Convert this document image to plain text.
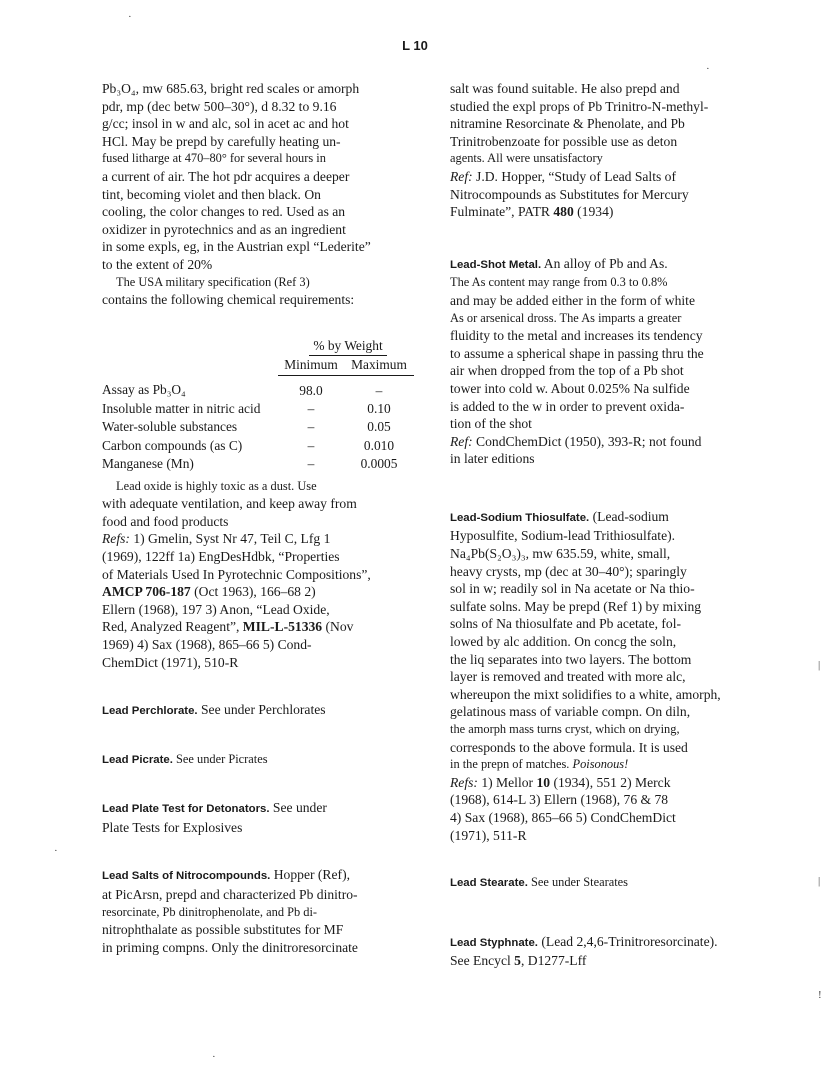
L 10
Pb₃O₄, mw 685.63, bright red scales or amorph
pdr, mp (dec betw 500–30°), d 8.32 to 9.16
g/cc; insol in w and alc, sol in acet ac and hot
HCl. May be prepd by carefully heating un-
fused litharge at 470–80° for several hours in
a current of air. The hot pdr acquires a deeper
tint, becoming violet and then black. On
cooling, the color changes to red. Used as an
oxidizer in pyrotechnics and as an ingredient
in some expls, eg, in the Austrian expl “Lederite”
to the extent of 20%
The USA military specification (Ref 3)
contains the following chemical requirements:
% by Weight		
	Minimum	Maximum
Assay as Pb₃O₄	98.0	–
Insoluble matter in nitric acid	–	0.10
Water-soluble substances	–	0.05
Carbon compounds (as C)	–	0.010
Manganese (Mn)	–	0.0005
Lead oxide is highly toxic as a dust. Use
with adequate ventilation, and keep away from
food and food products
Refs: 1) Gmelin, Syst Nr 47, Teil C, Lfg 1
(1969), 122ff 1a) EngDesHdbk, “Properties
of Materials Used In Pyrotechnic Compositions”,
AMCP 706-187 (Oct 1963), 166–68 2)
Ellern (1968), 197 3) Anon, “Lead Oxide,
Red, Analyzed Reagent”, MIL-L-51336 (Nov
1969) 4) Sax (1968), 865–66 5) Cond-
ChemDict (1971), 510-R
Lead Perchlorate. See under Perchlorates
Lead Picrate. See under Picrates
Lead Plate Test for Detonators. See under
Plate Tests for Explosives
Lead Salts of Nitrocompounds. Hopper (Ref),
at PicArsn, prepd and characterized Pb dinitro-
resorcinate, Pb dinitrophenolate, and Pb di-
nitrophthalate as possible substitutes for MF
in priming compns. Only the dinitroresorcinate
salt was found suitable. He also prepd and
studied the expl props of Pb Trinitro-N-methyl-
nitramine Resorcinate & Phenolate, and Pb
Trinitrobenzoate for possible use as deton
agents. All were unsatisfactory
Ref: J.D. Hopper, “Study of Lead Salts of
Nitrocompounds as Substitutes for Mercury
Fulminate”, PATR 480 (1934)
Lead-Shot Metal. An alloy of Pb and As.
The As content may range from 0.3 to 0.8%
and may be added either in the form of white
As or arsenical dross. The As imparts a greater
fluidity to the metal and increases its tendency
to assume a spherical shape in passing thru the
air when dropped from the top of a Pb shot
tower into cold w. About 0.025% Na sulfide
is added to the w in order to prevent oxida-
tion of the shot
Ref: CondChemDict (1950), 393-R; not found
in later editions
Lead-Sodium Thiosulfate. (Lead-sodium
Hyposulfite, Sodium-lead Trithiosulfate).
Na₄Pb(S₂O₃)₃, mw 635.59, white, small,
heavy crysts, mp (dec at 30–40°); sparingly
sol in w; readily sol in Na acetate or Na thio-
sulfate solns. May be prepd (Ref 1) by mixing
solns of Na thiosulfate and Pb acetate, fol-
lowed by alc addition. On concg the soln,
the liq separates into two layers. The bottom
layer is removed and treated with more alc,
whereupon the mixt solidifies to a white, amorph,
gelatinous mass of variable compn. On diln,
the amorph mass turns cryst, which on drying,
corresponds to the above formula. It is used
in the prepn of matches. Poisonous!
Refs: 1) Mellor 10 (1934), 551 2) Merck
(1968), 614-L 3) Ellern (1968), 76 & 78
4) Sax (1968), 865–66 5) CondChemDict
(1971), 511-R
Lead Stearate. See under Stearates
Lead Styphnate. (Lead 2,4,6-Trinitroresorcinate).
See Encycl 5, D1277-Lff
·
·
·
·
|
|
!
